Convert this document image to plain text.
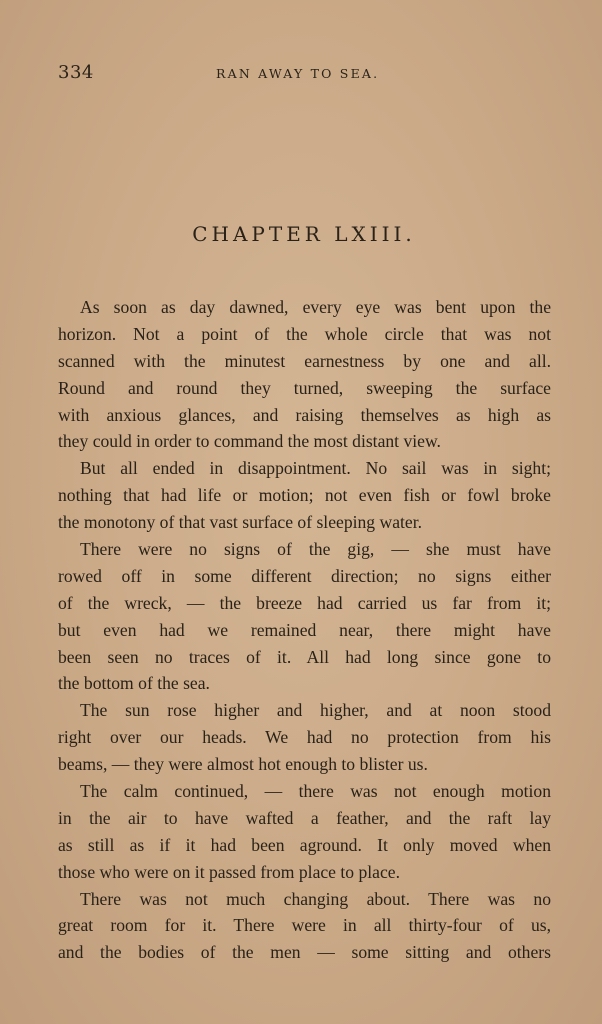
334	RAN AWAY TO SEA.
CHAPTER LXIII.
As soon as day dawned, every eye was bent upon the
horizon. Not a point of the whole circle that was not
scanned with the minutest earnestness by one and all.
Round and round they turned, sweeping the surface
with anxious glances, and raising themselves as high as
they could in order to command the most distant view.
But all ended in disappointment. No sail was in sight;
nothing that had life or motion; not even fish or fowl broke
the monotony of that vast surface of sleeping water.
There were no signs of the gig, — she must have
rowed off in some different direction; no signs either
of the wreck, — the breeze had carried us far from it;
but even had we remained near, there might have
been seen no traces of it. All had long since gone to
the bottom of the sea.
The sun rose higher and higher, and at noon stood
right over our heads. We had no protection from his
beams, — they were almost hot enough to blister us.
The calm continued, — there was not enough motion
in the air to have wafted a feather, and the raft lay
as still as if it had been aground. It only moved when
those who were on it passed from place to place.
There was not much changing about. There was no
great room for it. There were in all thirty-four of us,
and the bodies of the men — some sitting and others
